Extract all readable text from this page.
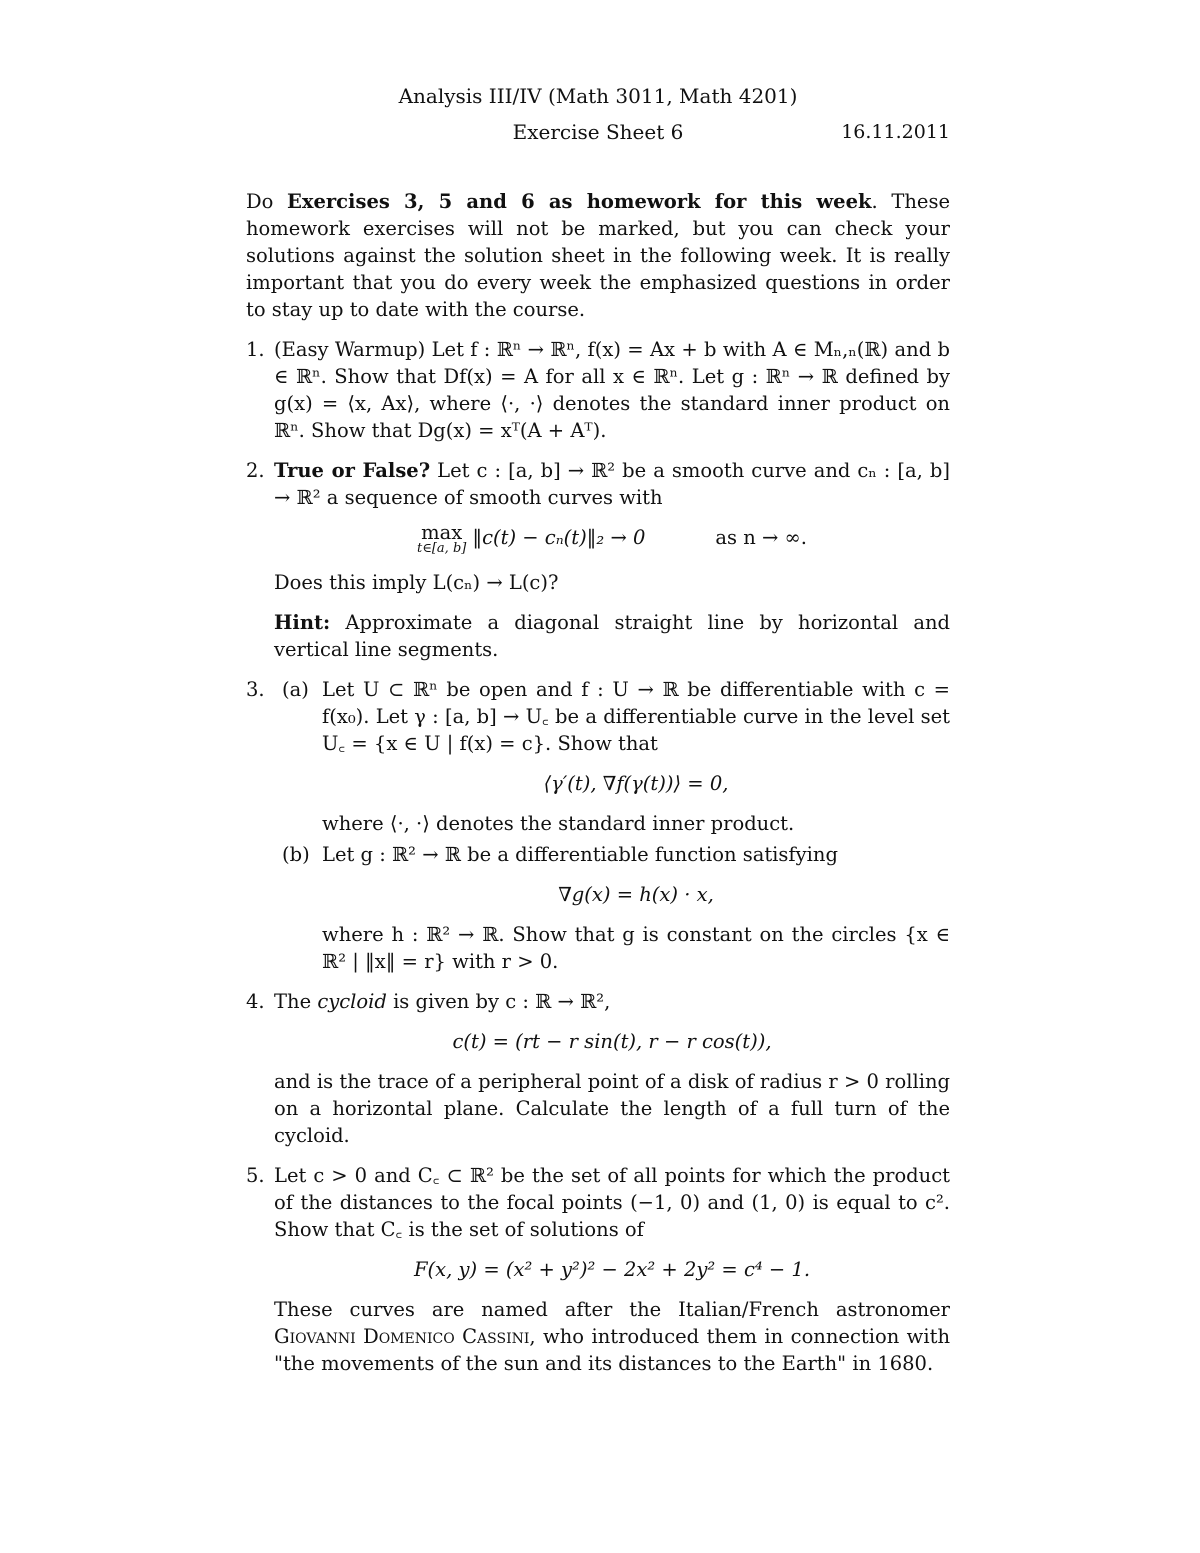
Analysis III/IV (Math 3011, Math 4201)
Exercise Sheet 6	16.11.2011

Do Exercises 3, 5 and 6 as homework for this week. These homework exercises will not be marked, but you can check your solutions against the solution sheet in the following week. It is really important that you do every week the emphasized questions in order to stay up to date with the course.

1. (Easy Warmup) Let f : ℝⁿ → ℝⁿ, f(x) = Ax + b with A ∈ Mₙ,ₙ(ℝ) and b ∈ ℝⁿ. Show that Df(x) = A for all x ∈ ℝⁿ. Let g : ℝⁿ → ℝ defined by g(x) = ⟨x, Ax⟩, where ⟨·, ·⟩ denotes the standard inner product on ℝⁿ. Show that Dg(x) = xᵀ(A + Aᵀ).

2. True or False? Let c : [a, b] → ℝ² be a smooth curve and cₙ : [a, b] → ℝ² a sequence of smooth curves with

max
t∈[a, b] ‖c(t) − cₙ(t)‖₂ → 0	as n → ∞.

Does this imply L(cₙ) → L(c)?

Hint: Approximate a diagonal straight line by horizontal and vertical line segments.

3. (a) Let U ⊂ ℝⁿ be open and f : U → ℝ be differentiable with c = f(x₀). Let γ : [a, b] → U꜀ be a differentiable curve in the level set U꜀ = {x ∈ U | f(x) = c}. Show that

⟨γ′(t), ∇f(γ(t))⟩ = 0,

where ⟨·, ·⟩ denotes the standard inner product.

(b) Let g : ℝ² → ℝ be a differentiable function satisfying

∇g(x) = h(x) · x,

where h : ℝ² → ℝ. Show that g is constant on the circles {x ∈ ℝ² | ‖x‖ = r} with r > 0.

4. The cycloid is given by c : ℝ → ℝ²,

c(t) = (rt − r sin(t), r − r cos(t)),

and is the trace of a peripheral point of a disk of radius r > 0 rolling on a horizontal plane. Calculate the length of a full turn of the cycloid.

5. Let c > 0 and C꜀ ⊂ ℝ² be the set of all points for which the product of the distances to the focal points (−1, 0) and (1, 0) is equal to c². Show that C꜀ is the set of solutions of

F(x, y) = (x² + y²)² − 2x² + 2y² = c⁴ − 1.

These curves are named after the Italian/French astronomer Giovanni Domenico Cassini, who introduced them in connection with "the movements of the sun and its distances to the Earth" in 1680.
